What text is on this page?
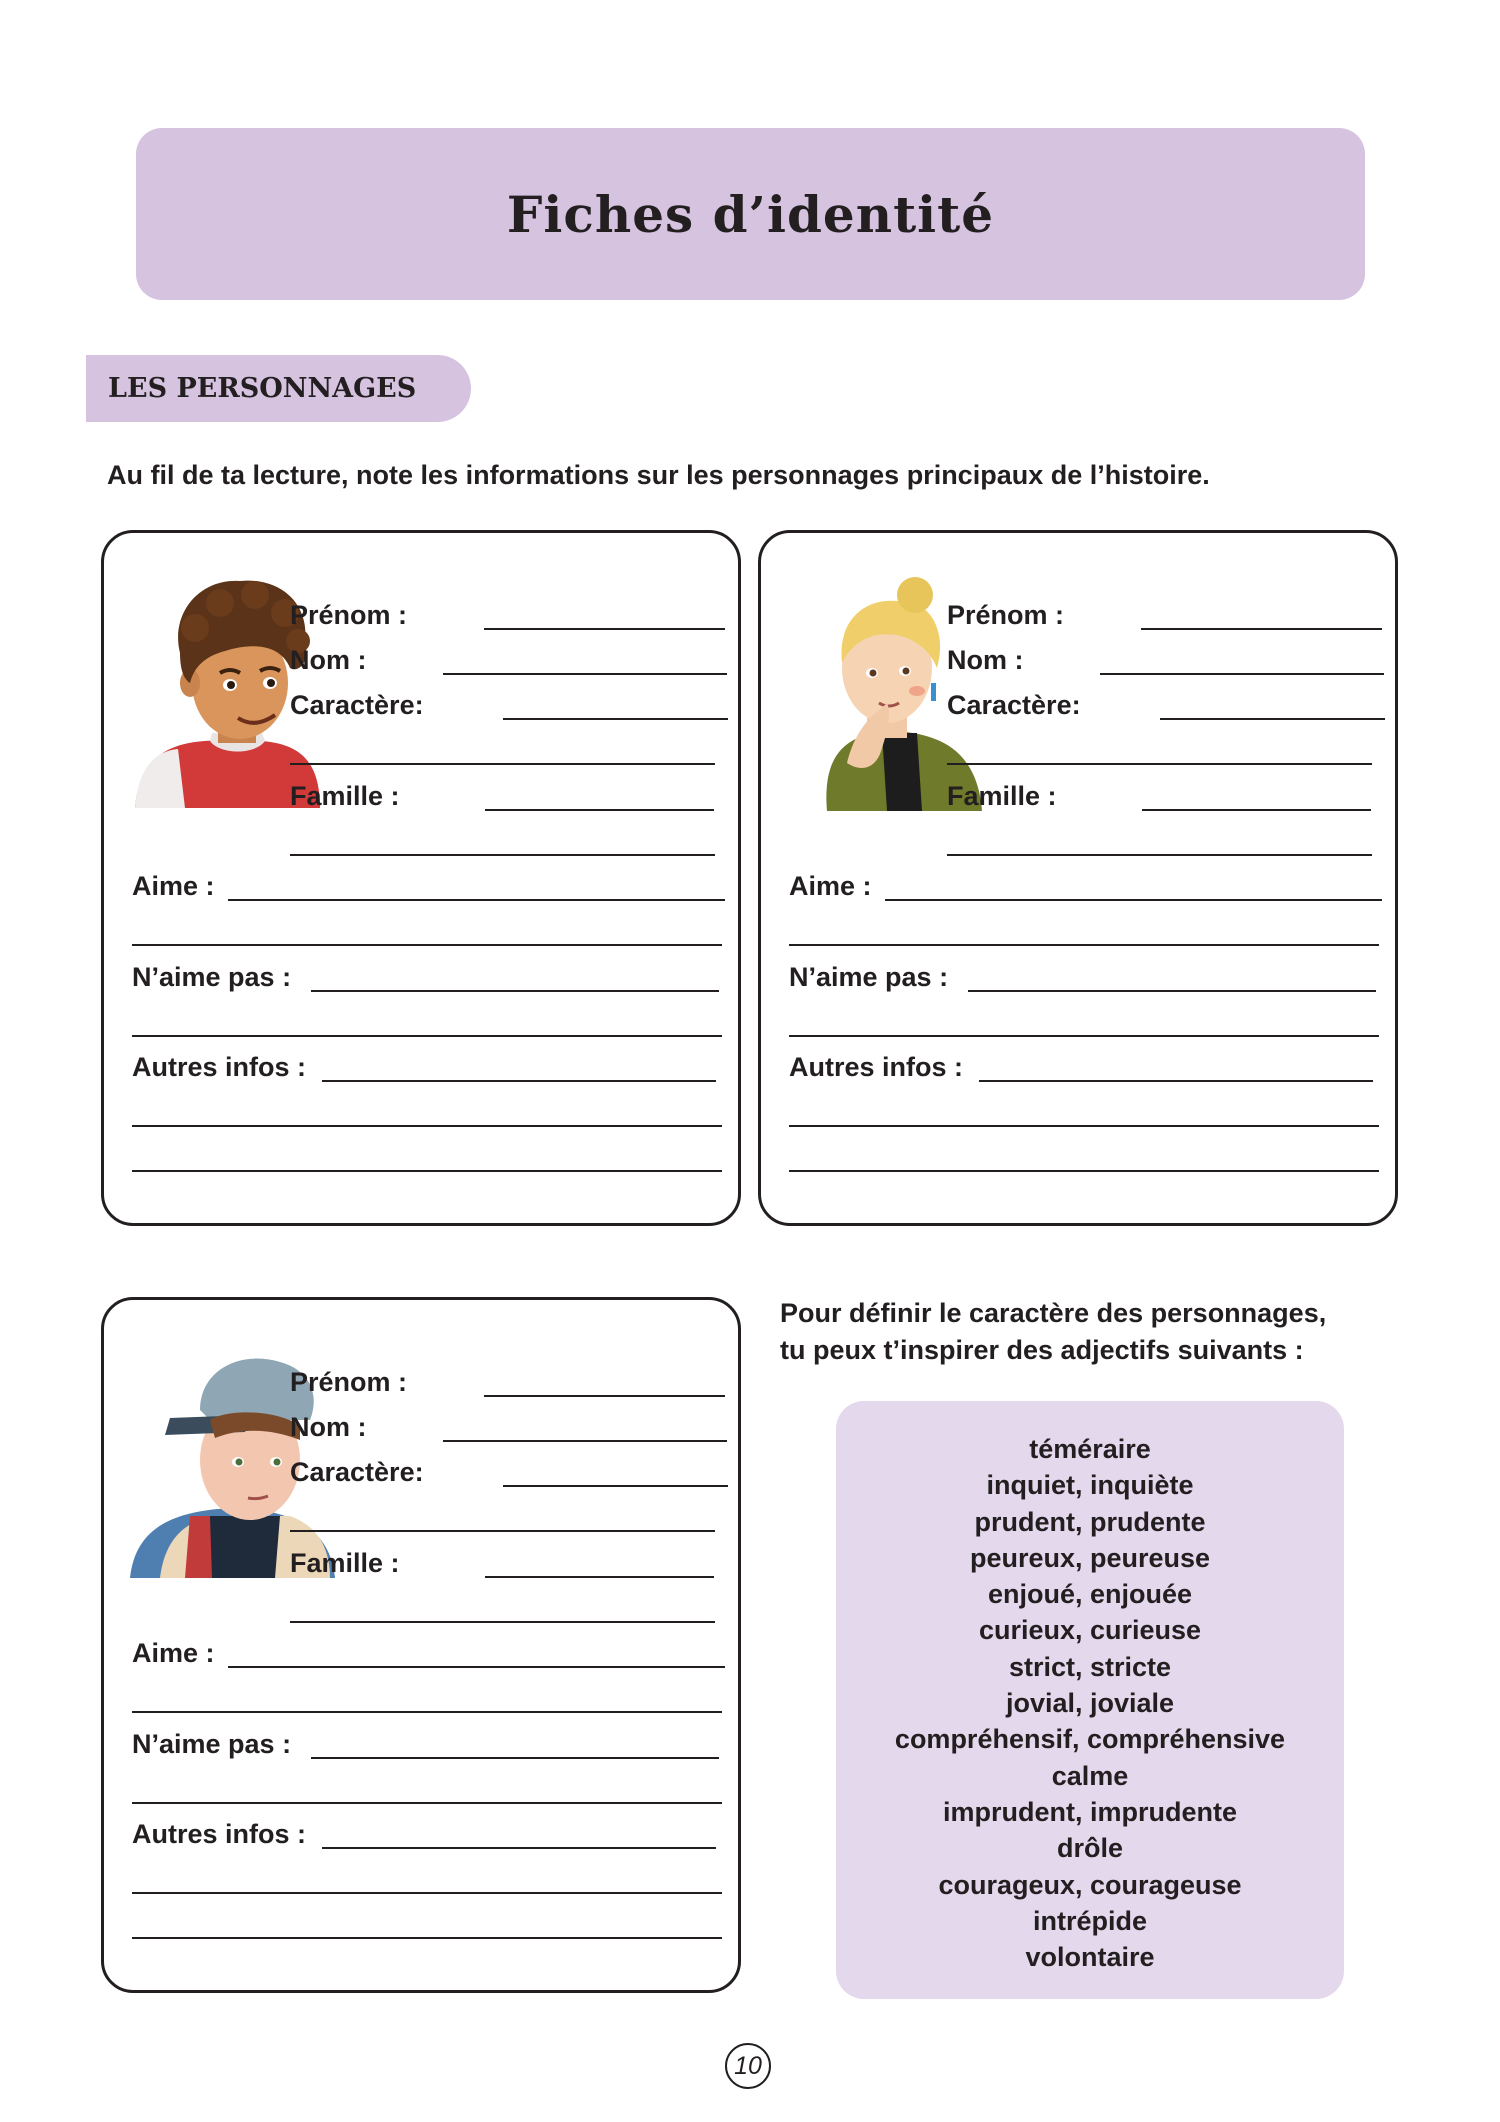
Fiches d’identité
LES PERSONNAGES
Au fil de ta lecture, note les informations sur les personnages principaux de l’histoire.
Prénom :
Nom :
Caractère:
Famille :
Aime :
N’aime pas :
Autres infos :
Prénom :
Nom :
Caractère:
Famille :
Aime :
N’aime pas :
Autres infos :
Prénom :
Nom :
Caractère:
Famille :
Aime :
N’aime pas :
Autres infos :
Pour définir le caractère des personnages,
tu peux t’inspirer des adjectifs suivants :
téméraire
inquiet, inquiète
prudent, prudente
peureux, peureuse
enjoué, enjouée
curieux, curieuse
strict, stricte
jovial, joviale
compréhensif, compréhensive
calme
imprudent, imprudente
drôle
courageux, courageuse
intrépide
volontaire
10
